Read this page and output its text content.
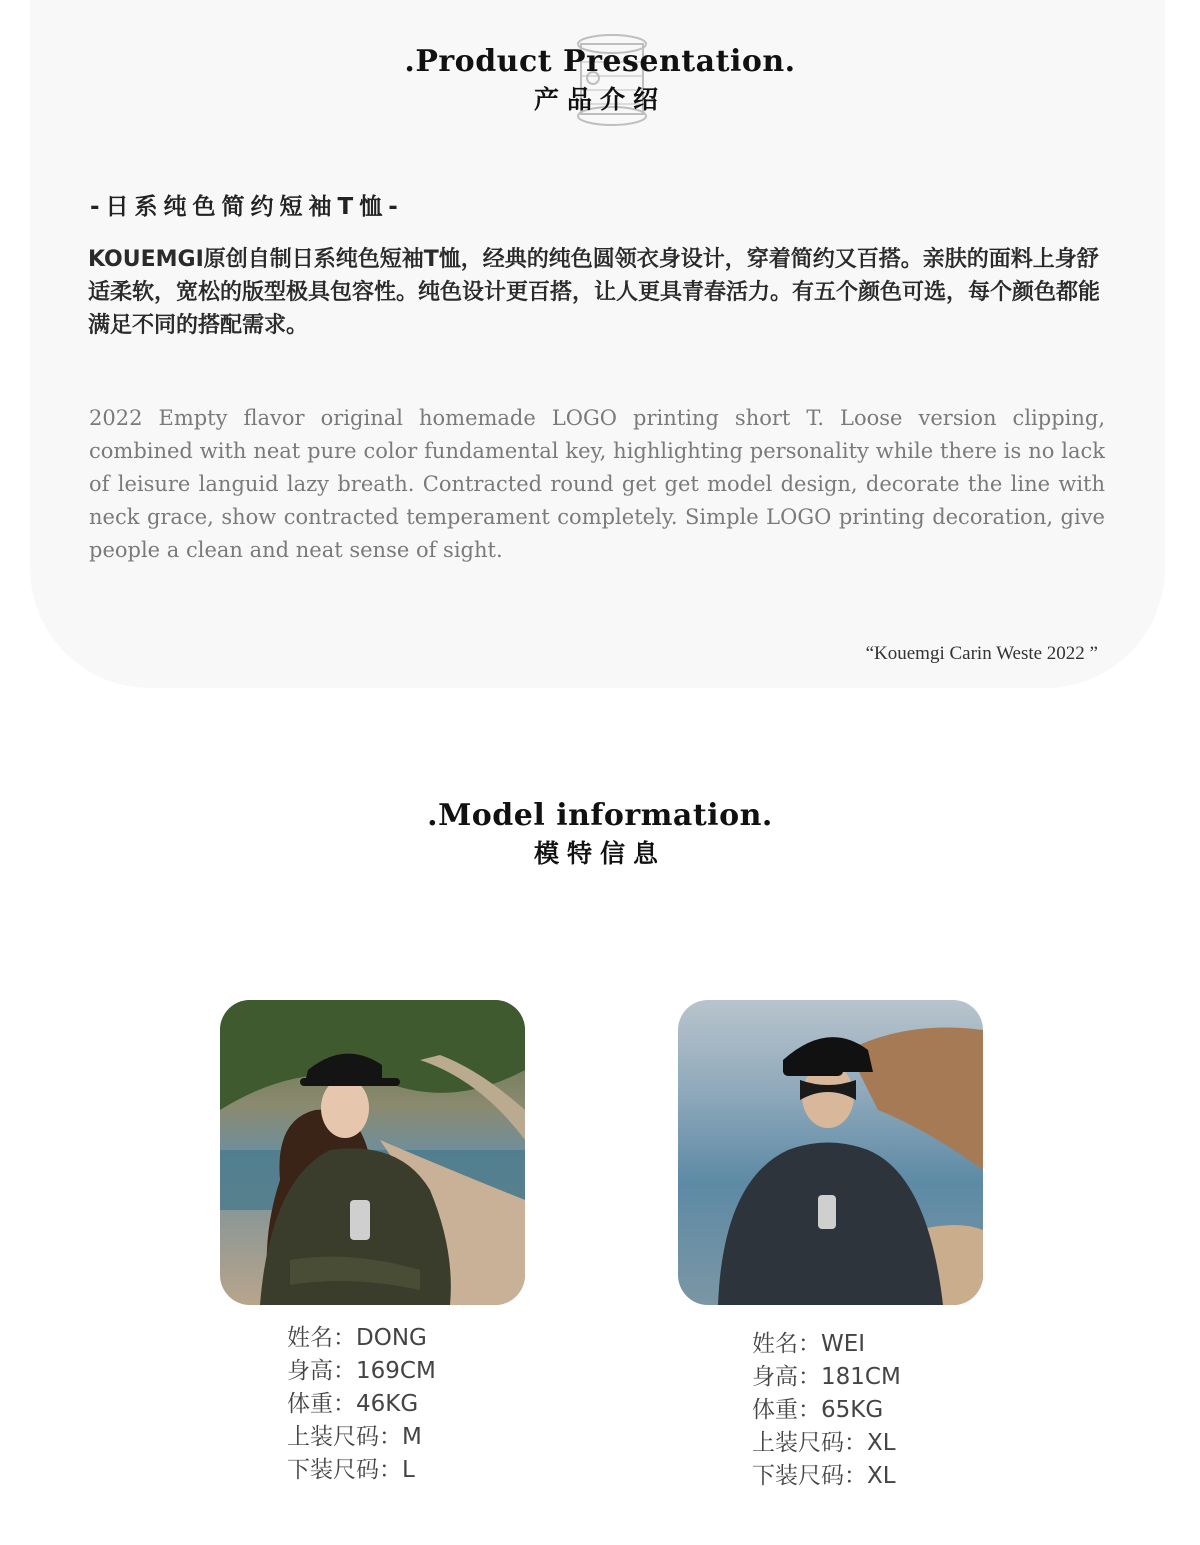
.Product Presentation.
产品介绍
-日系纯色简约短袖T恤-
KOUEMGI原创自制日系纯色短袖T恤，经典的纯色圆领衣身设计，穿着简约又百搭。亲肤的面料上身舒适柔软，宽松的版型极具包容性。纯色设计更百搭，让人更具青春活力。有五个颜色可选，每个颜色都能满足不同的搭配需求。
2022 Empty flavor original homemade LOGO printing short T. Loose version clipping, combined with neat pure color fundamental key, highlighting personality while there is no lack of leisure languid lazy breath. Contracted round get get model design, decorate the line with neck grace, show contracted temperament completely. Simple LOGO printing decoration, give people a clean and neat sense of sight.
“Kouemgi Carin Weste 2022 ”
.Model information.
模特信息
姓名：DONG
身高：169CM
体重：46KG
上装尺码：M
下装尺码：L
姓名：WEI
身高：181CM
体重：65KG
上装尺码：XL
下装尺码：XL
